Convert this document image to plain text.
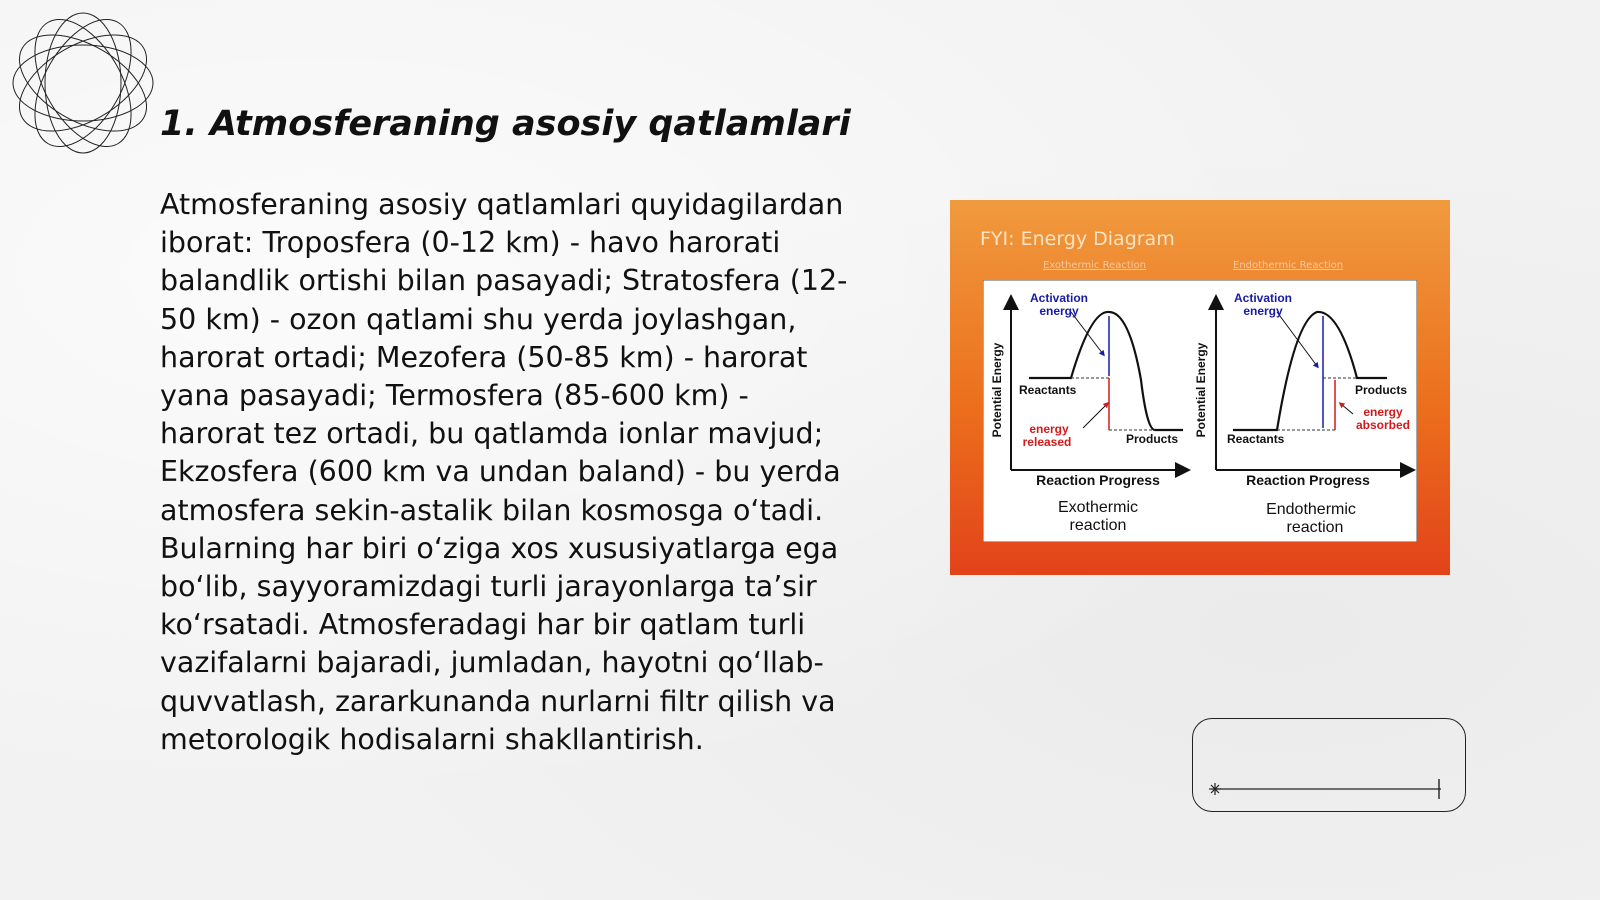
1. Atmosferaning asosiy qatlamlari
Atmosferaning asosiy qatlamlari quyidagilardan iborat: Troposfera (0-12 km) - havo harorati balandlik ortishi bilan pasayadi; Stratosfera (12-50 km) - ozon qatlami shu yerda joylashgan, harorat ortadi; Mezofera (50-85 km) - harorat yana pasayadi; Termosfera (85-600 km) - harorat tez ortadi, bu qatlamda ionlar mavjud; Ekzosfera (600 km va undan baland) - bu yerda atmosfera sekin-astalik bilan kosmosga o‘tadi. Bularning har biri o‘ziga xos xususiyatlarga ega bo‘lib, sayyoramizdagi turli jarayonlarga ta’sir ko‘rsatadi. Atmosferadagi har bir qatlam turli vazifalarni bajaradi, jumladan, hayotni qo‘llab-quvvatlash, zararkunanda nurlarni filtr qilish va metorologik hodisalarni shakllantirish.
FYI: Energy Diagram
Exothermic Reaction	Endothermic Reaction
Activation
energy
Potential Energy Reactants
Products
energy
released
Reaction Progress
Exothermic
reaction
Activation
energy
Potential Energy
Reactants
Products
energy
absorbed
Reaction Progress
Endothermic
reaction
